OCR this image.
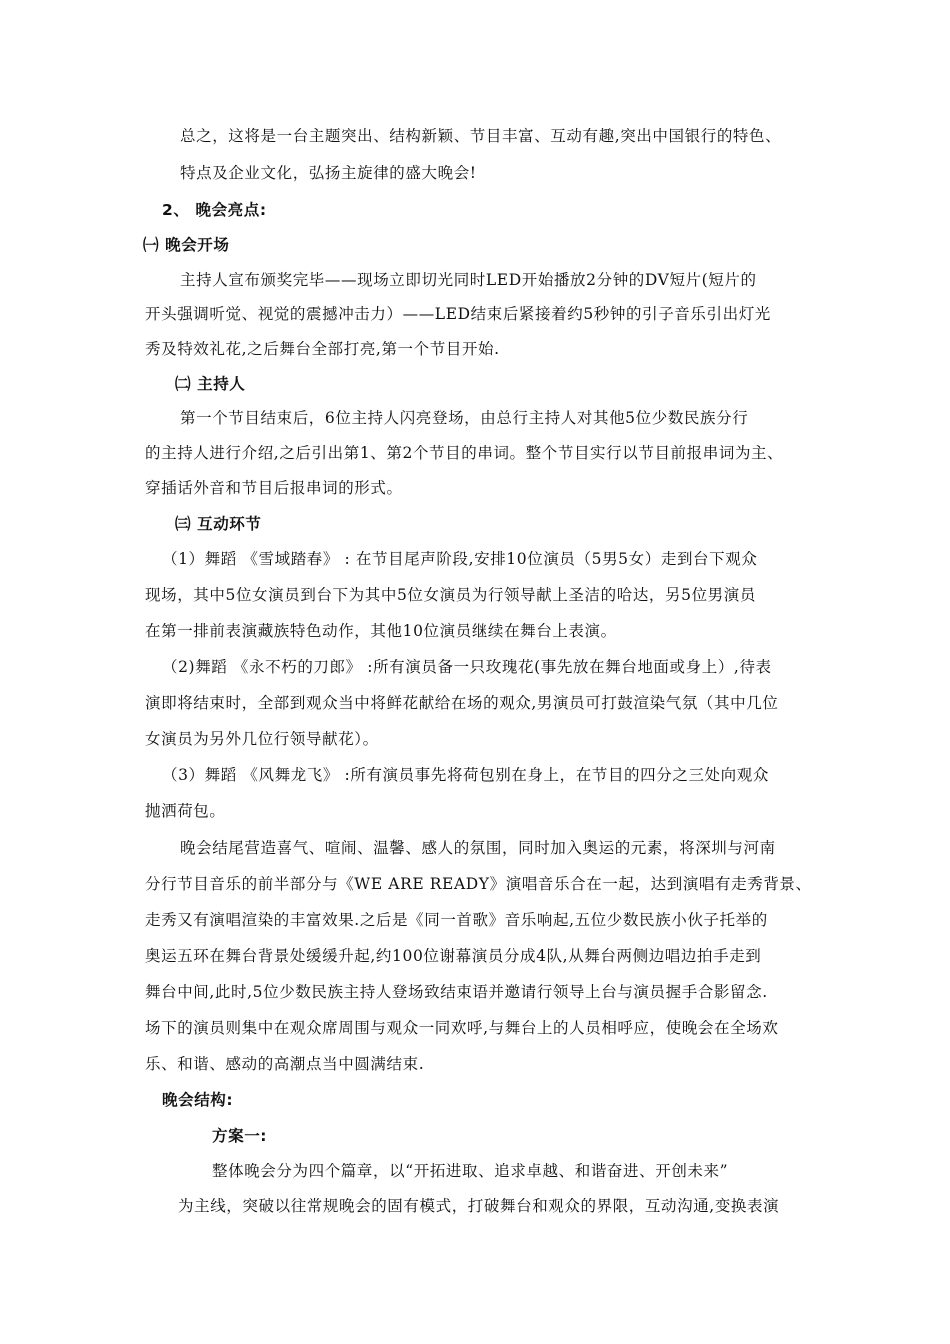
总之，这将是一台主题突出、结构新颖、节目丰富、互动有趣,突出中国银行的特色、
特点及企业文化，弘扬主旋律的盛大晚会!
2、 晚会亮点:
㈠ 晚会开场
主持人宣布颁奖完毕——现场立即切光同时LED开始播放2分钟的DV短片(短片的
开头强调听觉、视觉的震撼冲击力）——LED结束后紧接着约5秒钟的引子音乐引出灯光
秀及特效礼花,之后舞台全部打亮,第一个节目开始.
㈡ 主持人
第一个节目结束后，6位主持人闪亮登场，由总行主持人对其他5位少数民族分行
的主持人进行介绍,之后引出第1、第2个节目的串词。整个节目实行以节目前报串词为主、
穿插话外音和节目后报串词的形式。
㈢ 互动环节
（1）舞蹈 《雪域踏春》 : 在节目尾声阶段,安排10位演员（5男5女）走到台下观众
现场，其中5位女演员到台下为其中5位女演员为行领导献上圣洁的哈达，另5位男演员
在第一排前表演藏族特色动作，其他10位演员继续在舞台上表演。
（2)舞蹈 《永不朽的刀郎》 :所有演员备一只玫瑰花(事先放在舞台地面或身上）,待表
演即将结束时，全部到观众当中将鲜花献给在场的观众,男演员可打鼓渲染气氛（其中几位
女演员为另外几位行领导献花）。
（3）舞蹈 《风舞龙飞》 :所有演员事先将荷包别在身上，在节目的四分之三处向观众
抛洒荷包。
晚会结尾营造喜气、喧闹、温馨、感人的氛围，同时加入奥运的元素，将深圳与河南
分行节目音乐的前半部分与《WE ARE READY》演唱音乐合在一起，达到演唱有走秀背景、
走秀又有演唱渲染的丰富效果.之后是《同一首歌》音乐响起,五位少数民族小伙子托举的
奥运五环在舞台背景处缓缓升起,约100位谢幕演员分成4队,从舞台两侧边唱边拍手走到
舞台中间,此时,5位少数民族主持人登场致结束语并邀请行领导上台与演员握手合影留念.
场下的演员则集中在观众席周围与观众一同欢呼,与舞台上的人员相呼应，使晚会在全场欢
乐、和谐、感动的高潮点当中圆满结束.
晚会结构:
方案一:
整体晚会分为四个篇章，以“开拓进取、追求卓越、和谐奋进、开创未来”
为主线，突破以往常规晚会的固有模式，打破舞台和观众的界限，互动沟通,变换表演
